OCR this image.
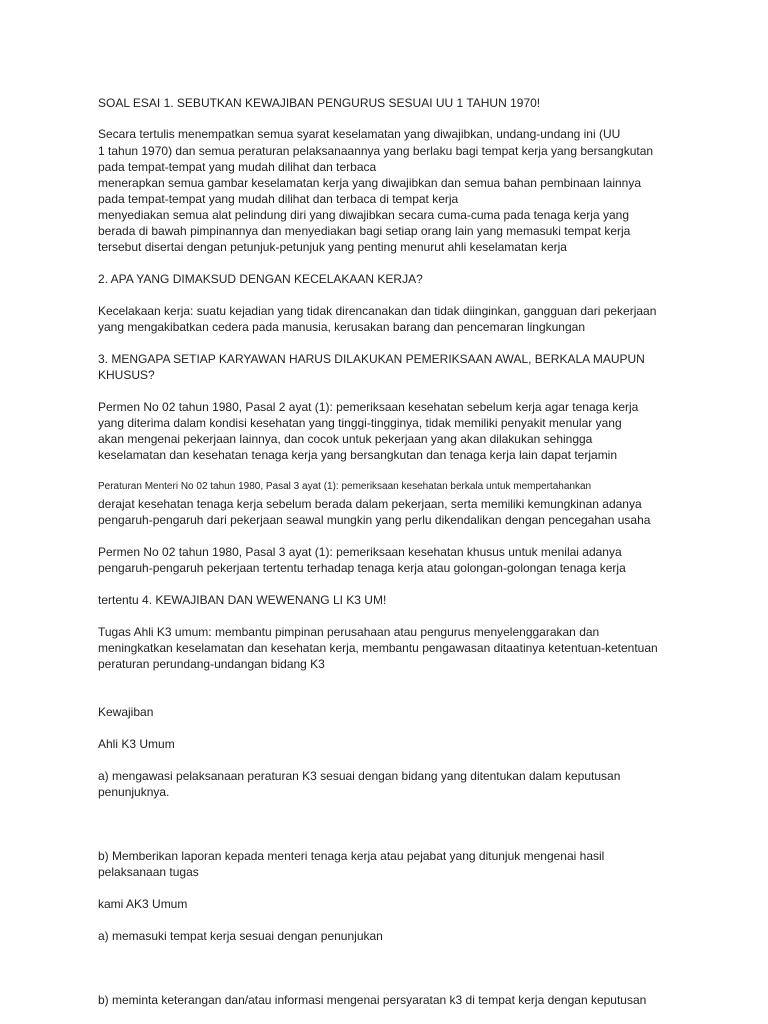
SOAL ESAI 1. SEBUTKAN KEWAJIBAN PENGURUS SESUAI UU 1 TAHUN 1970!
Secara tertulis menempatkan semua syarat keselamatan yang diwajibkan, undang-undang ini (UU
1 tahun 1970) dan semua peraturan pelaksanaannya yang berlaku bagi tempat kerja yang bersangkutan
pada tempat-tempat yang mudah dilihat dan terbaca
menerapkan semua gambar keselamatan kerja yang diwajibkan dan semua bahan pembinaan lainnya
pada tempat-tempat yang mudah dilihat dan terbaca di tempat kerja
menyediakan semua alat pelindung diri yang diwajibkan secara cuma-cuma pada tenaga kerja yang
berada di bawah pimpinannya dan menyediakan bagi setiap orang lain yang memasuki tempat kerja
tersebut disertai dengan petunjuk-petunjuk yang penting menurut ahli keselamatan kerja
2. APA YANG DIMAKSUD DENGAN KECELAKAAN KERJA?
Kecelakaan kerja: suatu kejadian yang tidak direncanakan dan tidak diinginkan, gangguan dari pekerjaan
yang mengakibatkan cedera pada manusia, kerusakan barang dan pencemaran lingkungan
3. MENGAPA SETIAP KARYAWAN HARUS DILAKUKAN PEMERIKSAAN AWAL, BERKALA MAUPUN
KHUSUS?
Permen No 02 tahun 1980, Pasal 2 ayat (1): pemeriksaan kesehatan sebelum kerja agar tenaga kerja
yang diterima dalam kondisi kesehatan yang tinggi-tingginya, tidak memiliki penyakit menular yang
akan mengenai pekerjaan lainnya, dan cocok untuk pekerjaan yang akan dilakukan sehingga
keselamatan dan kesehatan tenaga kerja yang bersangkutan dan tenaga kerja lain dapat terjamin
Peraturan Menteri No 02 tahun 1980, Pasal 3 ayat (1): pemeriksaan kesehatan berkala untuk mempertahankan
derajat kesehatan tenaga kerja sebelum berada dalam pekerjaan, serta memiliki kemungkinan adanya
pengaruh-pengaruh dari pekerjaan seawal mungkin yang perlu dikendalikan dengan pencegahan usaha
Permen No 02 tahun 1980, Pasal 3 ayat (1): pemeriksaan kesehatan khusus untuk menilai adanya
pengaruh-pengaruh pekerjaan tertentu terhadap tenaga kerja atau golongan-golongan tenaga kerja
tertentu 4. KEWAJIBAN DAN WEWENANG LI K3 UM!
Tugas Ahli K3 umum: membantu pimpinan perusahaan atau pengurus menyelenggarakan dan
meningkatkan keselamatan dan kesehatan kerja, membantu pengawasan ditaatinya ketentuan-ketentuan
peraturan perundang-undangan bidang K3
Kewajiban
Ahli K3 Umum
a) mengawasi pelaksanaan peraturan K3 sesuai dengan bidang yang ditentukan dalam keputusan
penunjuknya.
b) Memberikan laporan kepada menteri tenaga kerja atau pejabat yang ditunjuk mengenai hasil
pelaksanaan tugas
kami AK3 Umum
a) memasuki tempat kerja sesuai dengan penunjukan
b) meminta keterangan dan/atau informasi mengenai persyaratan k3 di tempat kerja dengan keputusan
